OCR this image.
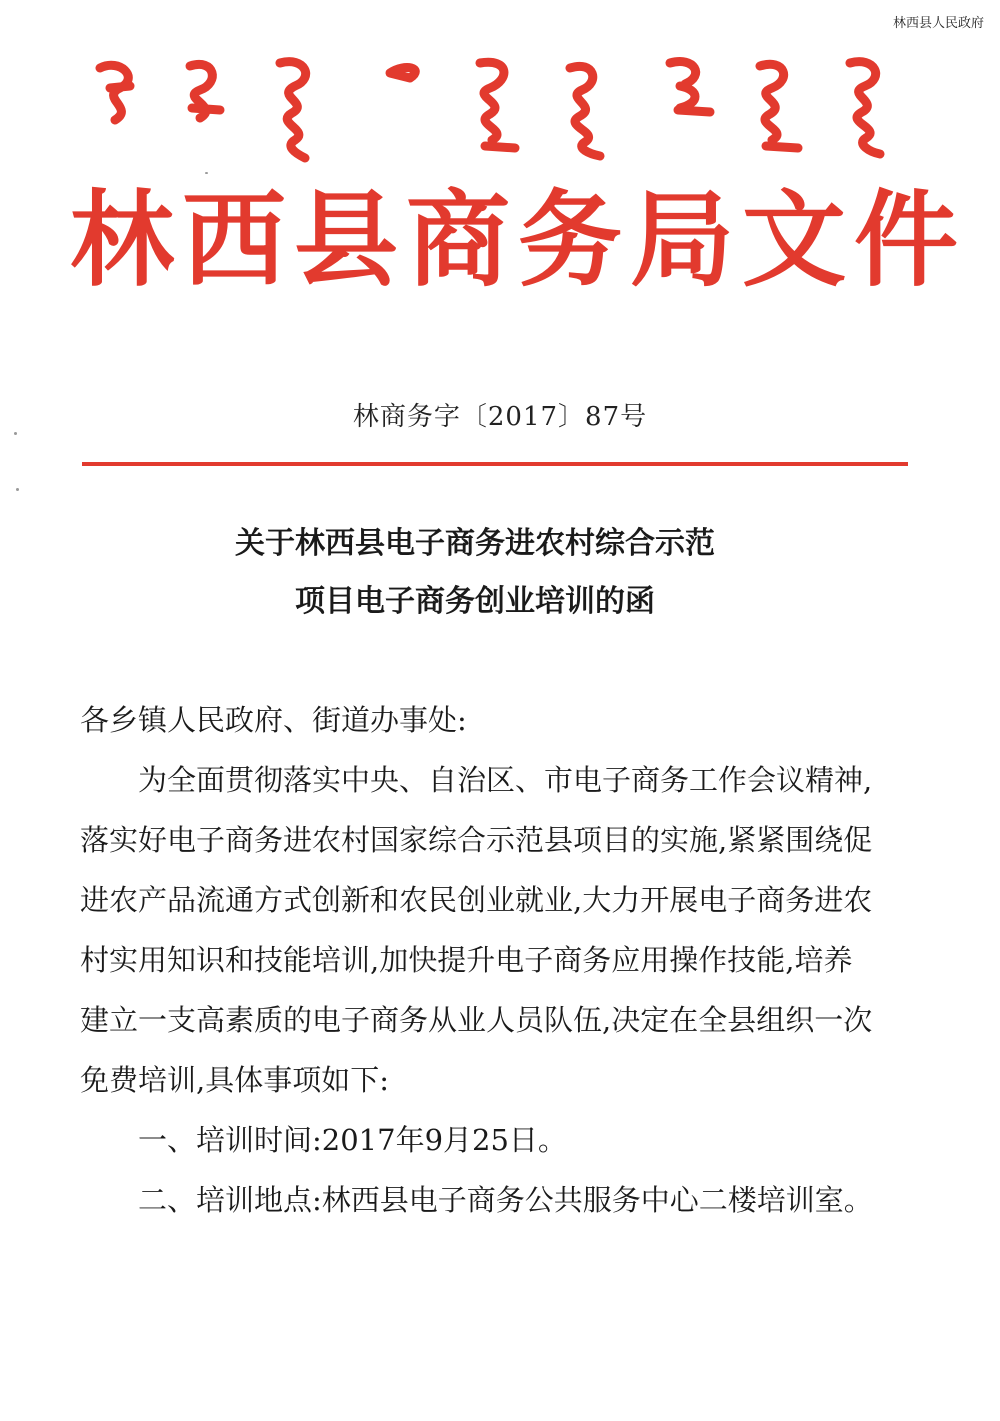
林西县人民政府
林西县商务局文件
林商务字〔2017〕87号
关于林西县电子商务进农村综合示范
项目电子商务创业培训的函

各乡镇人民政府、街道办事处:

为全面贯彻落实中央、自治区、市电子商务工作会议精神,落实好电子商务进农村国家综合示范县项目的实施,紧紧围绕促进农产品流通方式创新和农民创业就业,大力开展电子商务进农村实用知识和技能培训,加快提升电子商务应用操作技能,培养建立一支高素质的电子商务从业人员队伍,决定在全县组织一次免费培训,具体事项如下:

一、培训时间:2017年9月25日。

二、培训地点:林西县电子商务公共服务中心二楼培训室。
